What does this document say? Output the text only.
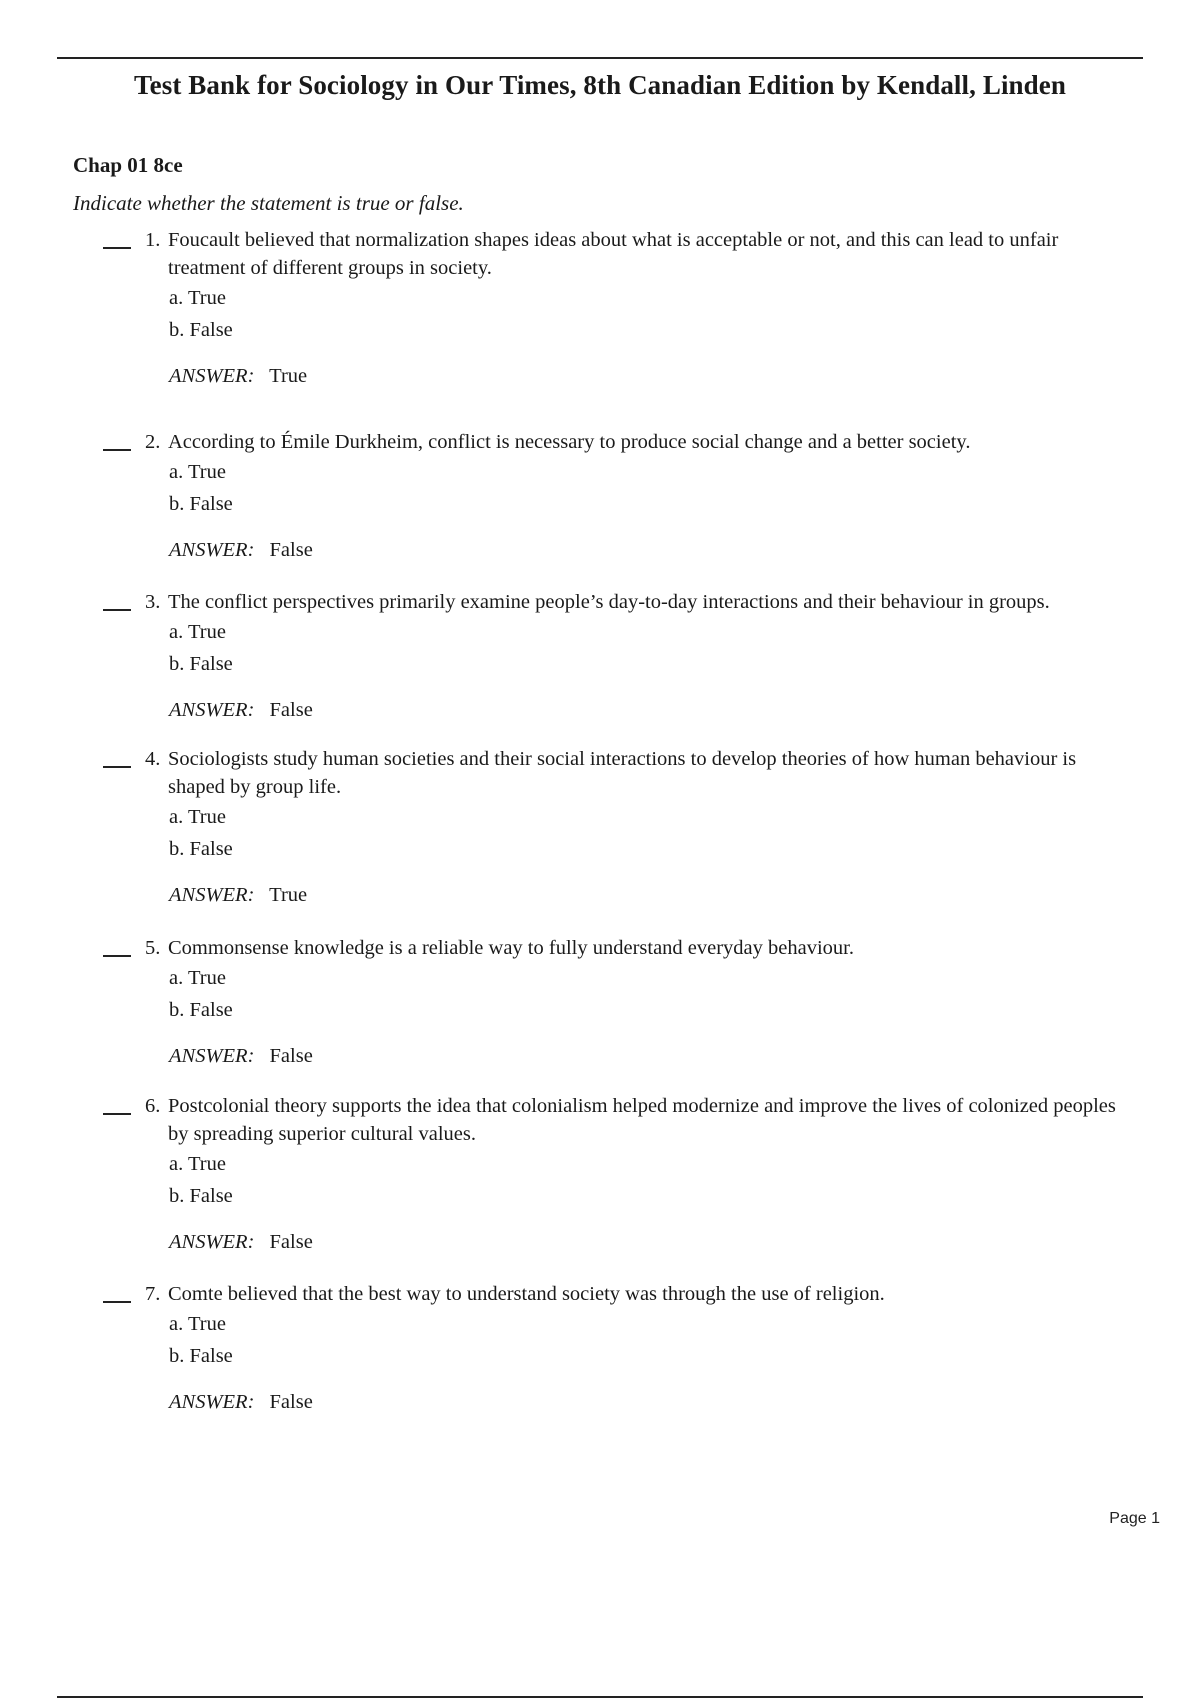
Test Bank for Sociology in Our Times, 8th Canadian Edition by Kendall, Linden
Chap 01 8ce
Indicate whether the statement is true or false.
1. Foucault believed that normalization shapes ideas about what is acceptable or not, and this can lead to unfair treatment of different groups in society.
a. True
b. False
ANSWER: True
2. According to Émile Durkheim, conflict is necessary to produce social change and a better society.
a. True
b. False
ANSWER: False
3. The conflict perspectives primarily examine people’s day-to-day interactions and their behaviour in groups.
a. True
b. False
ANSWER: False
4. Sociologists study human societies and their social interactions to develop theories of how human behaviour is shaped by group life.
a. True
b. False
ANSWER: True
5. Commonsense knowledge is a reliable way to fully understand everyday behaviour.
a. True
b. False
ANSWER: False
6. Postcolonial theory supports the idea that colonialism helped modernize and improve the lives of colonized peoples by spreading superior cultural values.
a. True
b. False
ANSWER: False
7. Comte believed that the best way to understand society was through the use of religion.
a. True
b. False
ANSWER: False
Page 1
